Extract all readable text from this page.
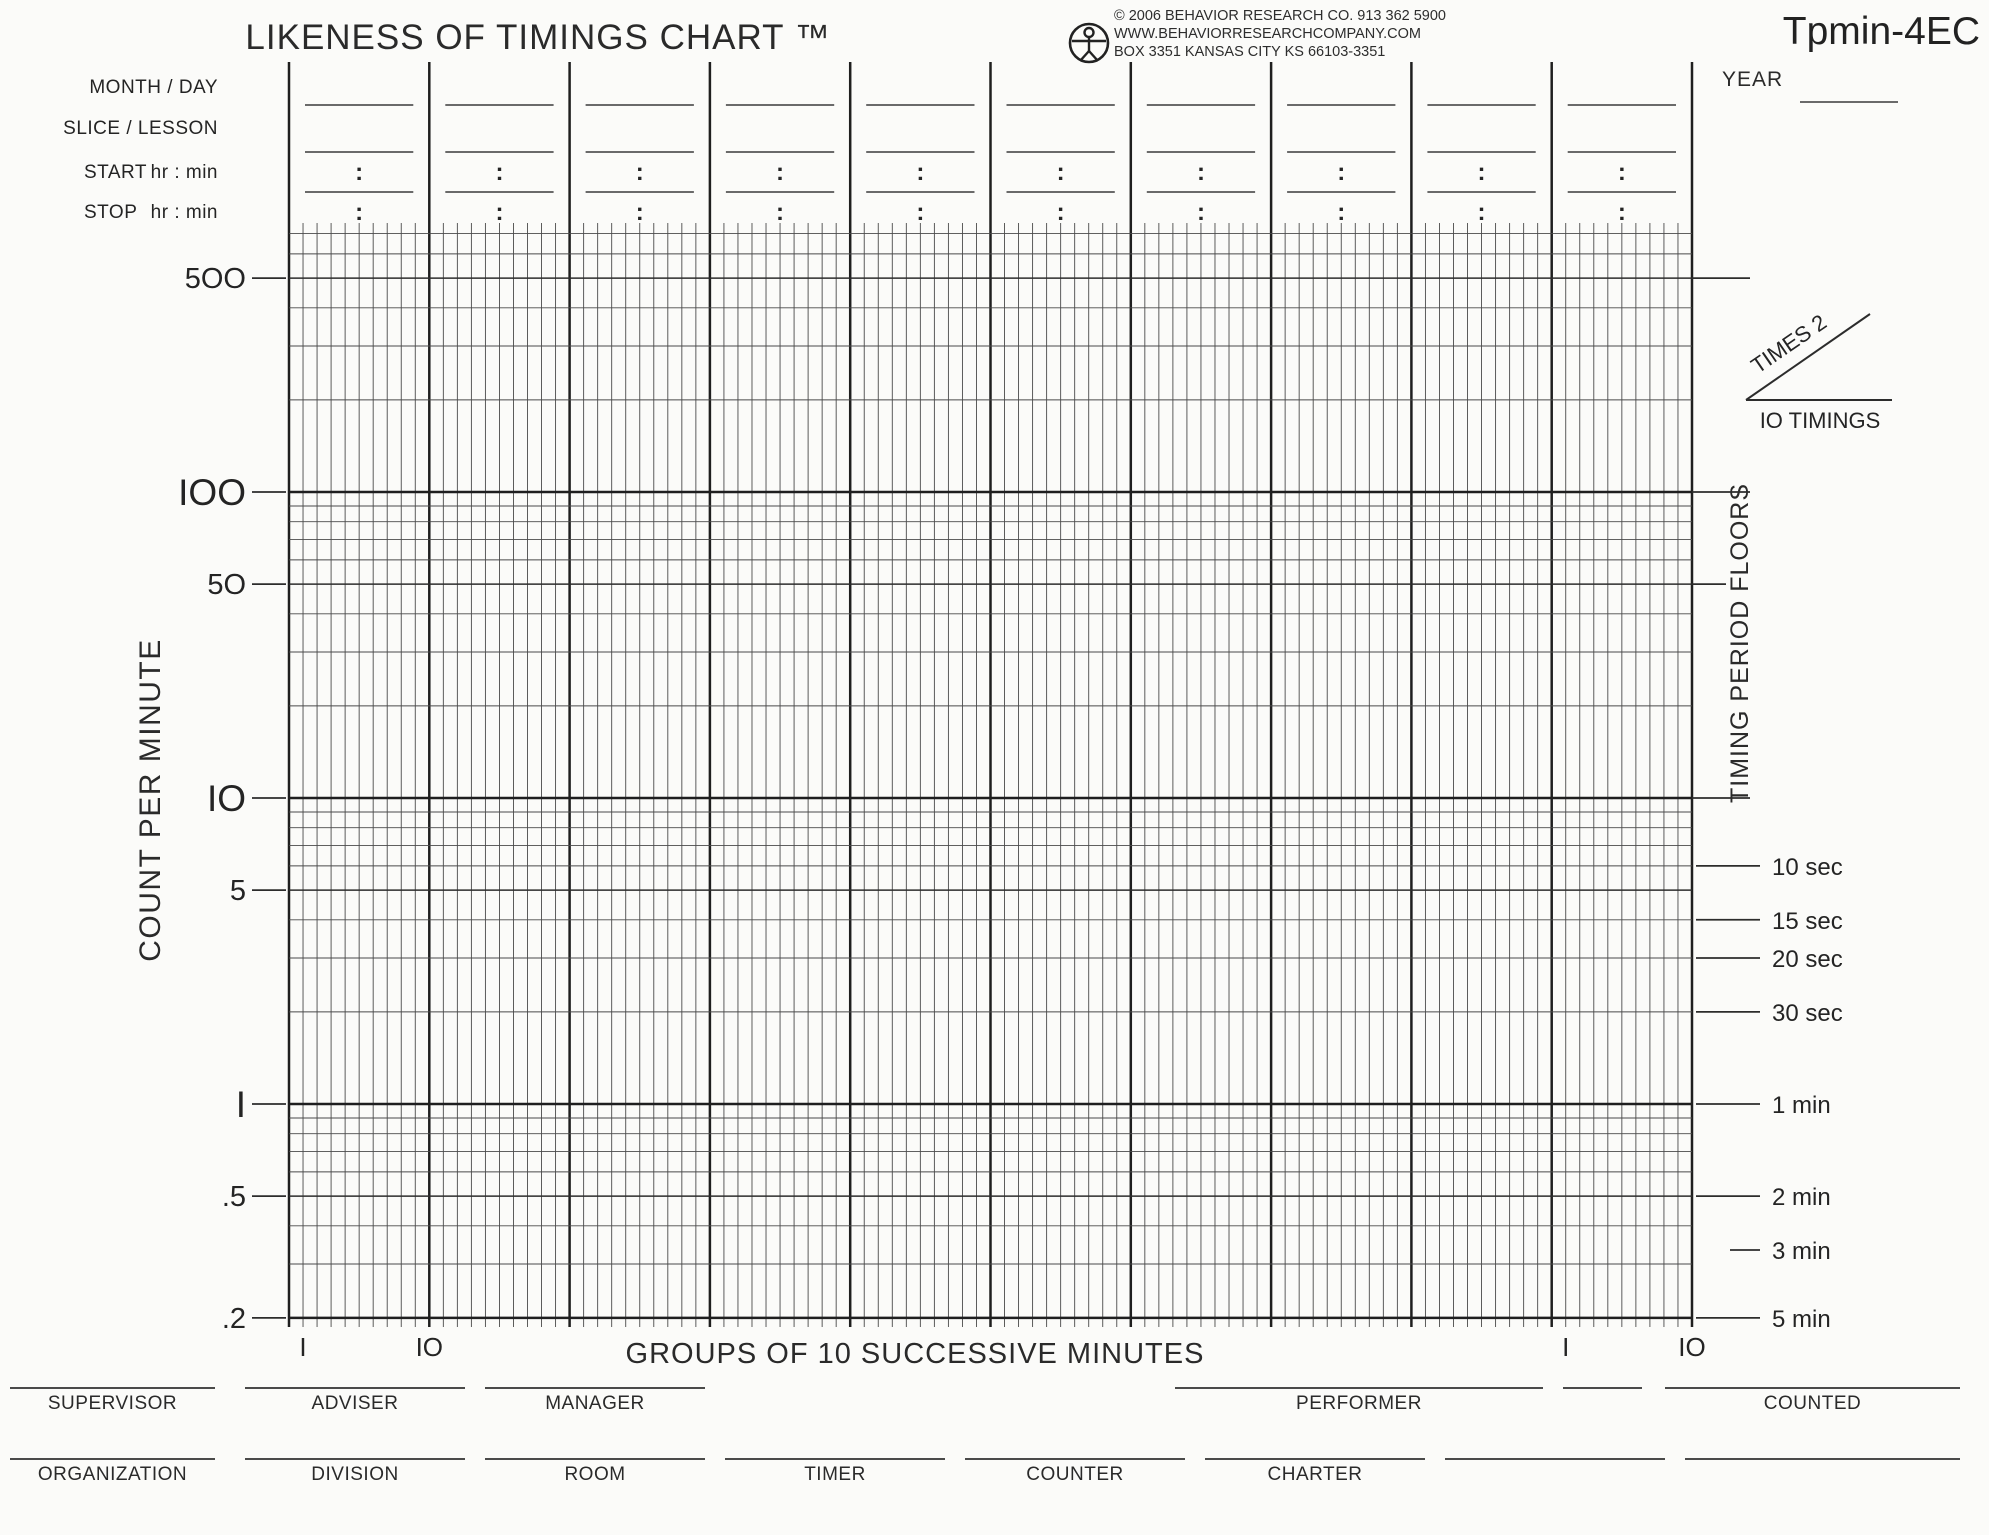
LIKENESS OF TIMINGS CHART ™
© 2006 BEHAVIOR RESEARCH CO. 913 362 5900
WWW.BEHAVIORRESEARCHCOMPANY.COM
BOX 3351 KANSAS CITY KS 66103-3351	Tpmin-4EC
YEAR
MONTH / DAY
SLICE / LESSON
START hr : min
STOP hr : min
COUNT PER MINUTE	TIMING PERIOD FLOORS
GROUPS OF 10 SUCCESSIVE MINUTES
:
:
:
:
:
:
:
:
:
:
:
:
:
:
:
:
:
:
:
:
5OO
IOO
5O
IO
5
I
.5
.2
10 sec
15 sec
20 sec
30 sec
1 min
2 min
3 min
5 min
I	IO	I	IO
TIMES 2
IO TIMINGS
SUPERVISOR	ADVISER	MANAGER	PERFORMER	COUNTED
ORGANIZATION	DIVISION	ROOM	TIMER	COUNTER	CHARTER
